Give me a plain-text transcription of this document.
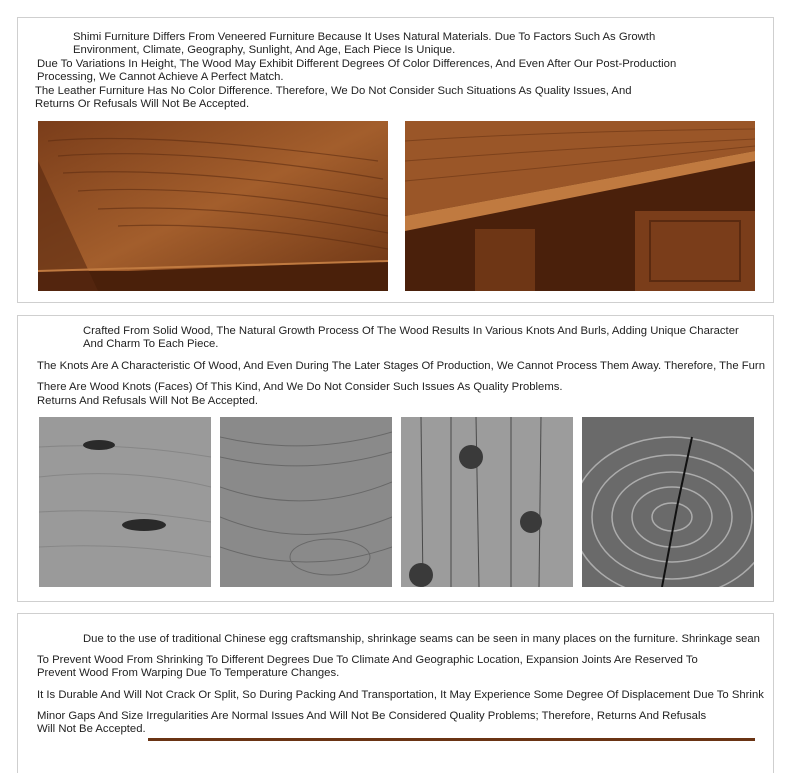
Shimi Furniture Differs From Veneered Furniture Because It Uses Natural Materials. Due To Factors Such As Growth Environment, Climate, Geography, Sunlight, And Age, Each Piece Is Unique.
Due To Variations In Height, The Wood May Exhibit Different Degrees Of Color Differences, And Even After Our Post-Production Processing, We Cannot Achieve A Perfect Match.
The Leather Furniture Has No Color Difference. Therefore, We Do Not Consider Such Situations As Quality Issues, And Returns Or Refusals Will Not Be Accepted.
Crafted From Solid Wood, The Natural Growth Process Of The Wood Results In Various Knots And Burls, Adding Unique Character And Charm To Each Piece.
The Knots Are A Characteristic Of Wood, And Even During The Later Stages Of Production, We Cannot Process Them Away. Therefore, The Furn
There Are Wood Knots (Faces) Of This Kind, And We Do Not Consider Such Issues As Quality Problems.
Returns And Refusals Will Not Be Accepted.
Due to the use of traditional Chinese egg craftsmanship, shrinkage seams can be seen in many places on the furniture. Shrinkage sean
To Prevent Wood From Shrinking To Different Degrees Due To Climate And Geographic Location, Expansion Joints Are Reserved To Prevent Wood From Warping Due To Temperature Changes.
It Is Durable And Will Not Crack Or Split, So During Packing And Transportation, It May Experience Some Degree Of Displacement Due To Shrink
Minor Gaps And Size Irregularities Are Normal Issues And Will Not Be Considered Quality Problems; Therefore, Returns And Refusals Will Not Be Accepted.
